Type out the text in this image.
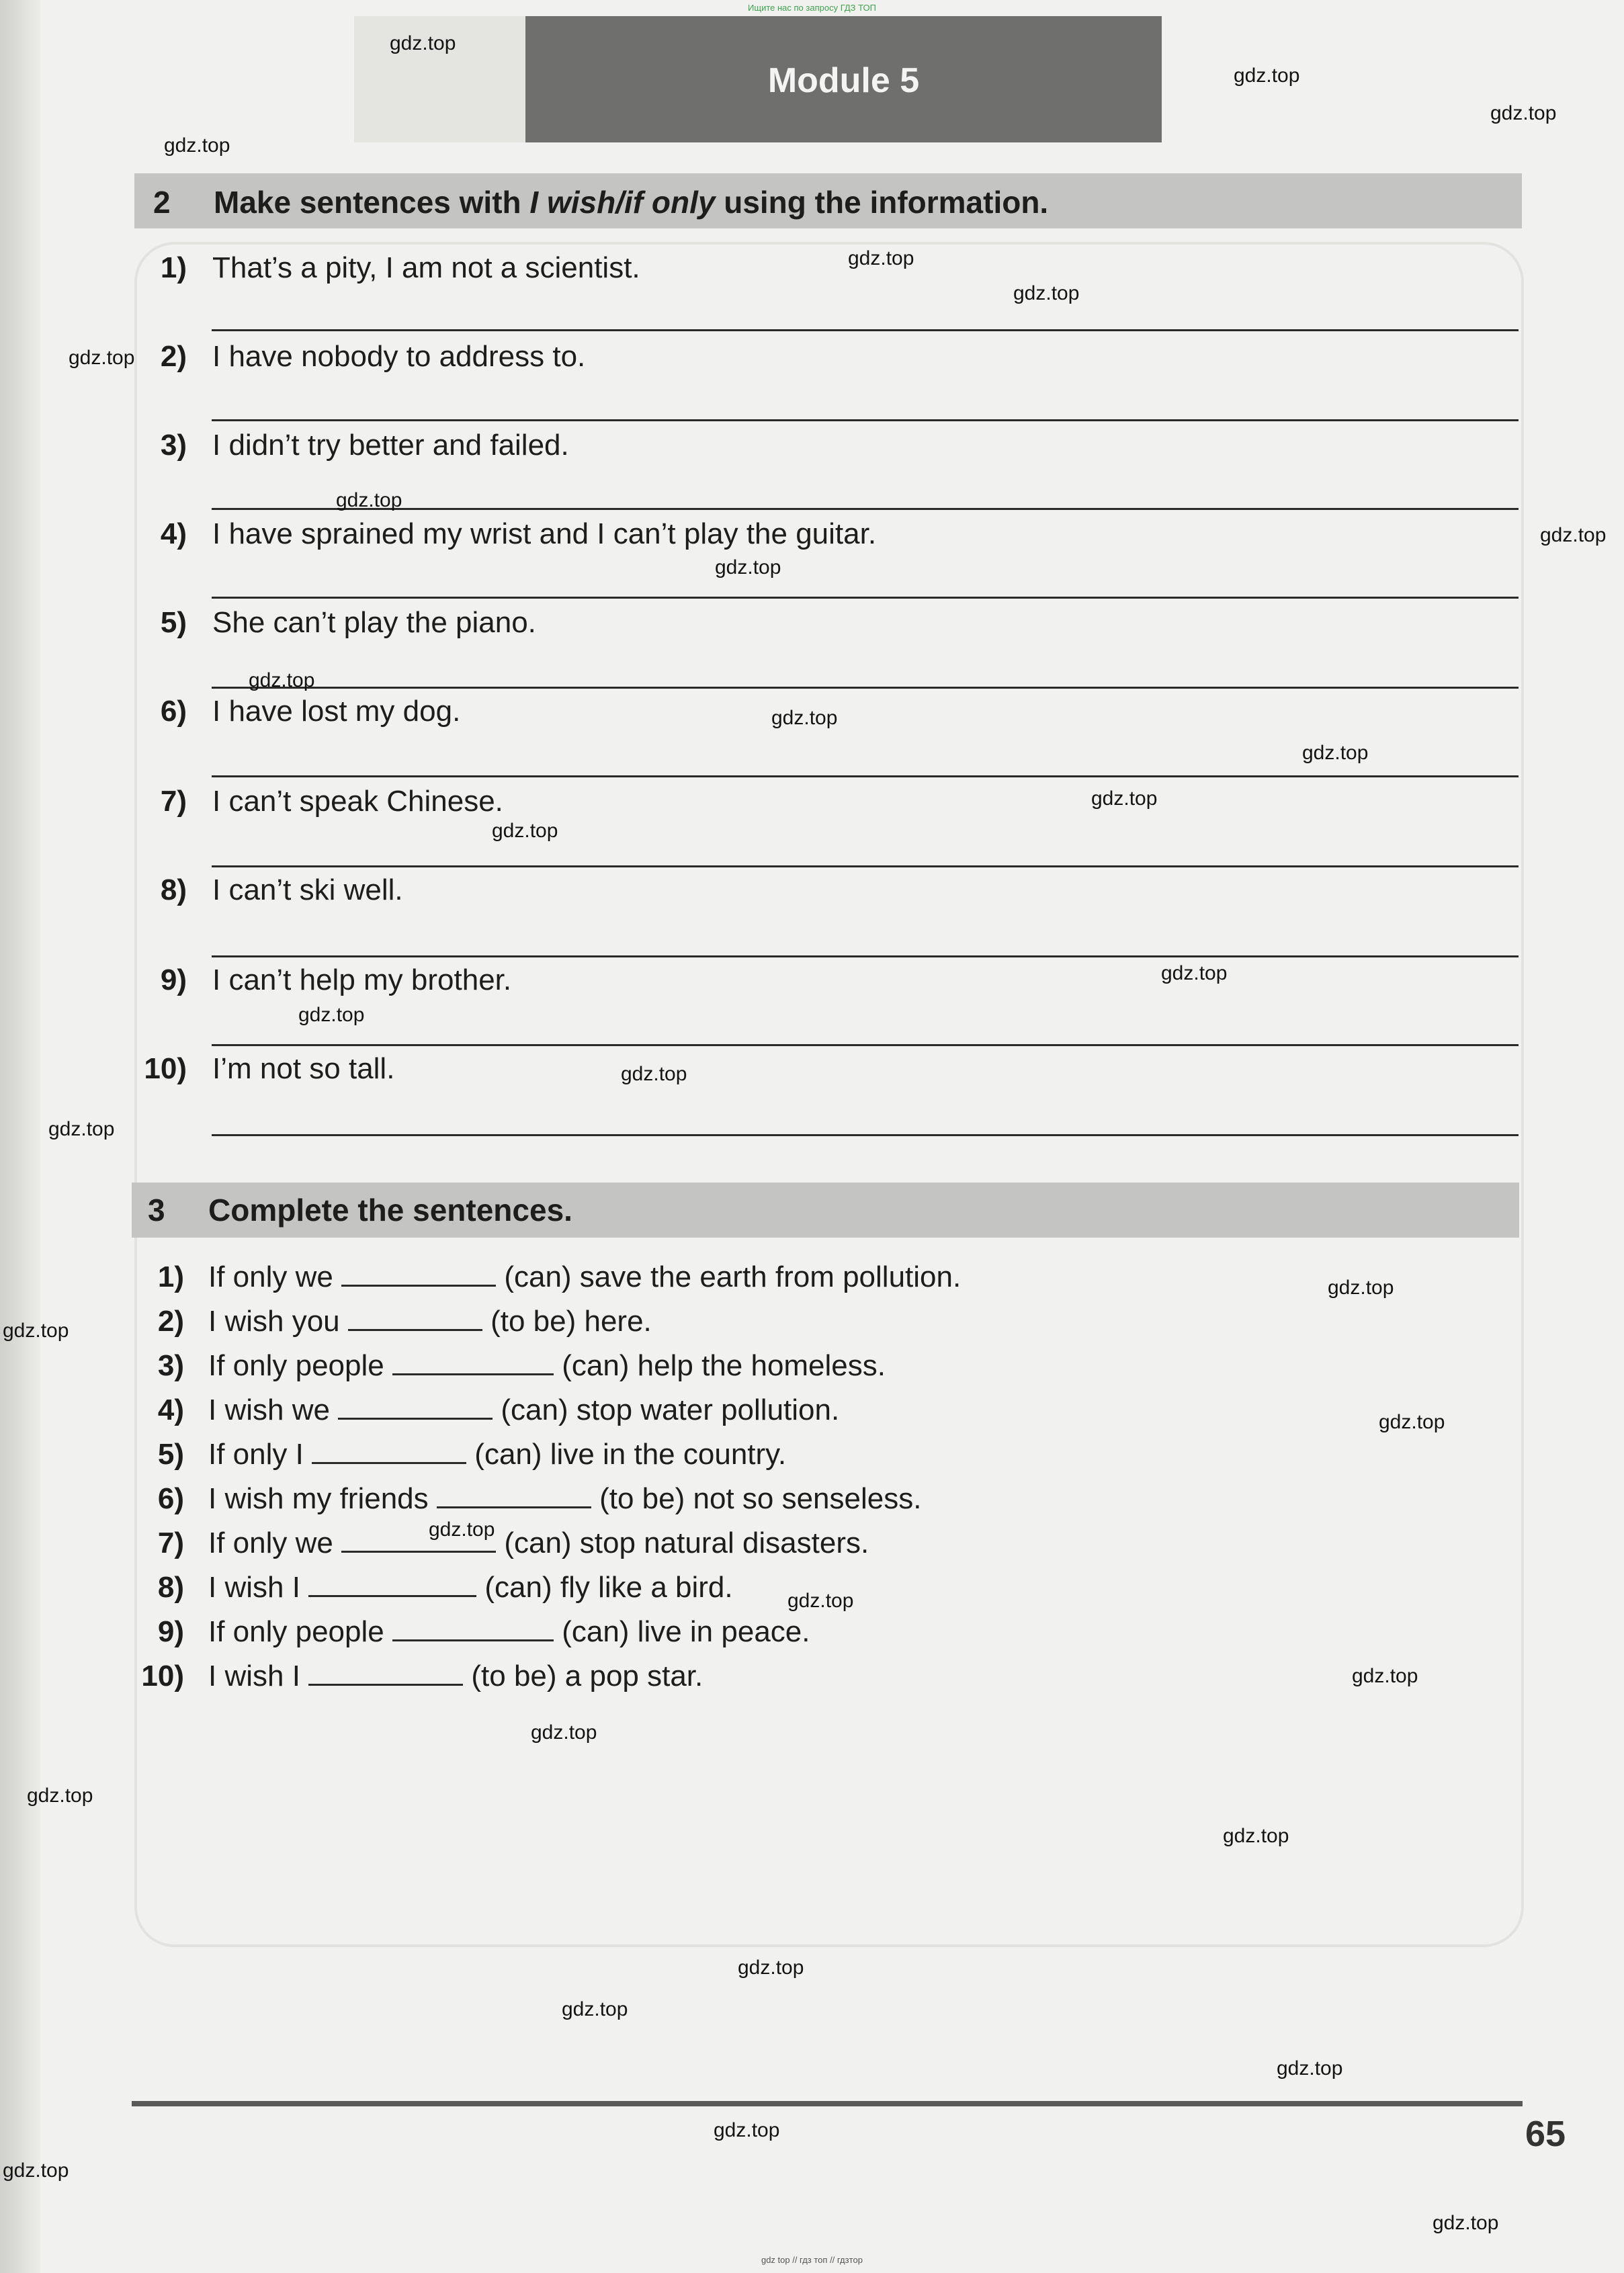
Ищите нас по запросу ГДЗ ТОП
Module 5
2 Make sentences with I wish/if only using the information.
1) That’s a pity, I am not a scientist.
2) I have nobody to address to.
3) I didn’t try better and failed.
4) I have sprained my wrist and I can’t play the guitar.
5) She can’t play the piano.
6) I have lost my dog.
7) I can’t speak Chinese.
8) I can’t ski well.
9) I can’t help my brother.
10) I’m not so tall.
3 Complete the sentences.
1) If only we	(can) save the earth from pollution.
2) I wish you	(to be) here.
3) If only people	(can) help the homeless.
4) I wish we	(can) stop water pollution.
5) If only I	(can) live in the country.
6) I wish my friends	(to be) not so senseless.
7) If only we	(can) stop natural disasters.
8) I wish I	(can) fly like a bird.
9) If only people	(can) live in peace.
10) I wish I	(to be) a pop star.
65
gdz.top
gdz.top
gdz.top
gdz.top
gdz.top
gdz.top
gdz.top
gdz.top
gdz.top
gdz.top
gdz.top
gdz.top
gdz.top
gdz.top
gdz.top
gdz.top
gdz.top
gdz.top
gdz.top
gdz.top
gdz.top
gdz.top
gdz.top
gdz.top
gdz.top
gdz.top
gdz.top
gdz.top
gdz.top
gdz.top
gdz.top
gdz.top
gdz.top
gdz.top
gdz top // гдз топ // гдзтop
